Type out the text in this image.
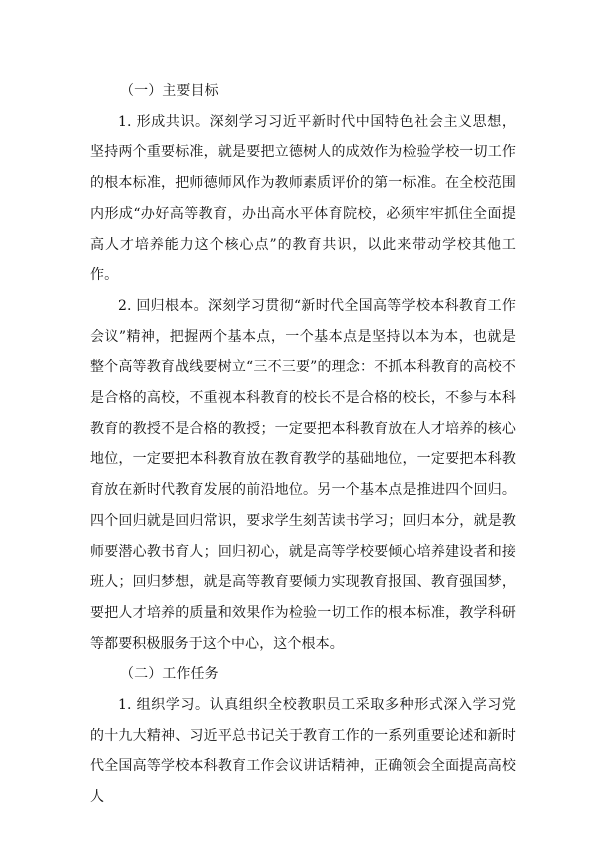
（一）主要目标

1. 形成共识。深刻学习习近平新时代中国特色社会主义思想，坚持两个重要标准，就是要把立德树人的成效作为检验学校一切工作的根本标准，把师德师风作为教师素质评价的第一标准。在全校范围内形成“办好高等教育，办出高水平体育院校，必须牢牢抓住全面提高人才培养能力这个核心点”的教育共识，以此来带动学校其他工作。

2. 回归根本。深刻学习贯彻“新时代全国高等学校本科教育工作会议”精神，把握两个基本点，一个基本点是坚持以本为本，也就是整个高等教育战线要树立“三不三要”的理念：不抓本科教育的高校不是合格的高校，不重视本科教育的校长不是合格的校长，不参与本科教育的教授不是合格的教授；一定要把本科教育放在人才培养的核心地位，一定要把本科教育放在教育教学的基础地位，一定要把本科教育放在新时代教育发展的前沿地位。另一个基本点是推进四个回归。四个回归就是回归常识，要求学生刻苦读书学习；回归本分，就是教师要潜心教书育人；回归初心，就是高等学校要倾心培养建设者和接班人；回归梦想，就是高等教育要倾力实现教育报国、教育强国梦，要把人才培养的质量和效果作为检验一切工作的根本标准，教学科研等都要积极服务于这个中心，这个根本。

（二）工作任务

1. 组织学习。认真组织全校教职员工采取多种形式深入学习党的十九大精神、习近平总书记关于教育工作的一系列重要论述和新时代全国高等学校本科教育工作会议讲话精神，正确领会全面提高高校人
